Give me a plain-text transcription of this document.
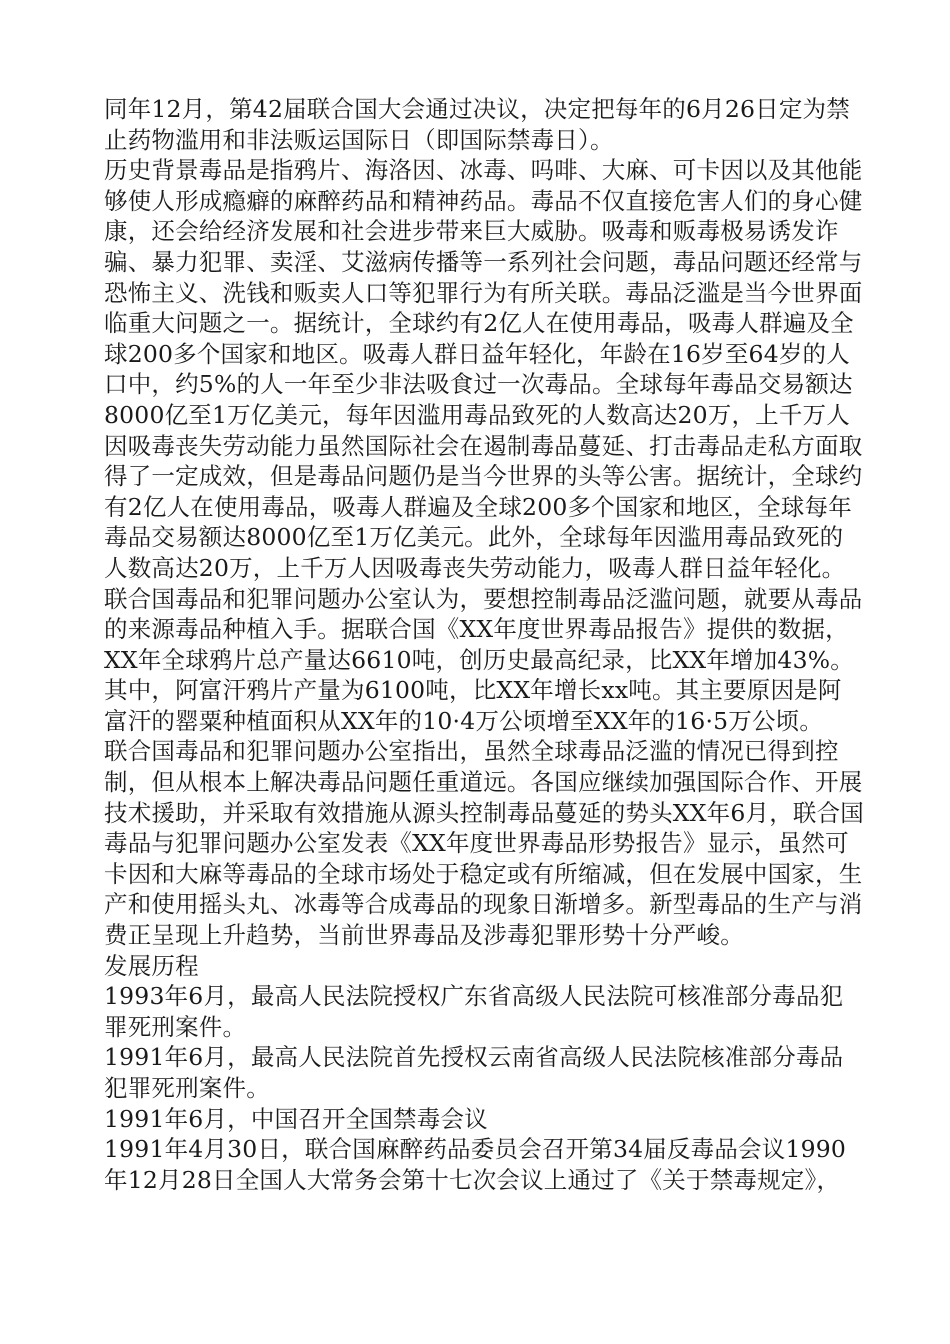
同年12月，第42届联合国大会通过决议，决定把每年的6月26日定为禁止药物滥用和非法贩运国际日（即国际禁毒日）。

历史背景毒品是指鸦片、海洛因、冰毒、吗啡、大麻、可卡因以及其他能够使人形成瘾癖的麻醉药品和精神药品。毒品不仅直接危害人们的身心健康，还会给经济发展和社会进步带来巨大威胁。吸毒和贩毒极易诱发诈骗、暴力犯罪、卖淫、艾滋病传播等一系列社会问题，毒品问题还经常与恐怖主义、洗钱和贩卖人口等犯罪行为有所关联。毒品泛滥是当今世界面临重大问题之一。据统计，全球约有2亿人在使用毒品，吸毒人群遍及全球200多个国家和地区。吸毒人群日益年轻化，年龄在16岁至64岁的人口中，约5%的人一年至少非法吸食过一次毒品。全球每年毒品交易额达8000亿至1万亿美元，每年因滥用毒品致死的人数高达20万，上千万人因吸毒丧失劳动能力虽然国际社会在遏制毒品蔓延、打击毒品走私方面取得了一定成效，但是毒品问题仍是当今世界的头等公害。据统计，全球约有2亿人在使用毒品，吸毒人群遍及全球200多个国家和地区，全球每年毒品交易额达8000亿至1万亿美元。此外，全球每年因滥用毒品致死的人数高达20万，上千万人因吸毒丧失劳动能力，吸毒人群日益年轻化。

联合国毒品和犯罪问题办公室认为，要想控制毒品泛滥问题，就要从毒品的来源毒品种植入手。据联合国《XX年度世界毒品报告》提供的数据，XX年全球鸦片总产量达6610吨，创历史最高纪录，比XX年增加43%。其中，阿富汗鸦片产量为6100吨，比XX年增长xx吨。其主要原因是阿富汗的罂粟种植面积从XX年的10·4万公顷增至XX年的16·5万公顷。

联合国毒品和犯罪问题办公室指出，虽然全球毒品泛滥的情况已得到控制，但从根本上解决毒品问题任重道远。各国应继续加强国际合作、开展技术援助，并采取有效措施从源头控制毒品蔓延的势头XX年6月，联合国毒品与犯罪问题办公室发表《XX年度世界毒品形势报告》显示，虽然可卡因和大麻等毒品的全球市场处于稳定或有所缩减，但在发展中国家，生产和使用摇头丸、冰毒等合成毒品的现象日渐增多。新型毒品的生产与消费正呈现上升趋势，当前世界毒品及涉毒犯罪形势十分严峻。

发展历程

1993年6月，最高人民法院授权广东省高级人民法院可核准部分毒品犯罪死刑案件。

1991年6月，最高人民法院首先授权云南省高级人民法院核准部分毒品犯罪死刑案件。

1991年6月，中国召开全国禁毒会议

1991年4月30日，联合国麻醉药品委员会召开第34届反毒品会议1990年12月28日全国人大常务会第十七次会议上通过了《关于禁毒规定》，
